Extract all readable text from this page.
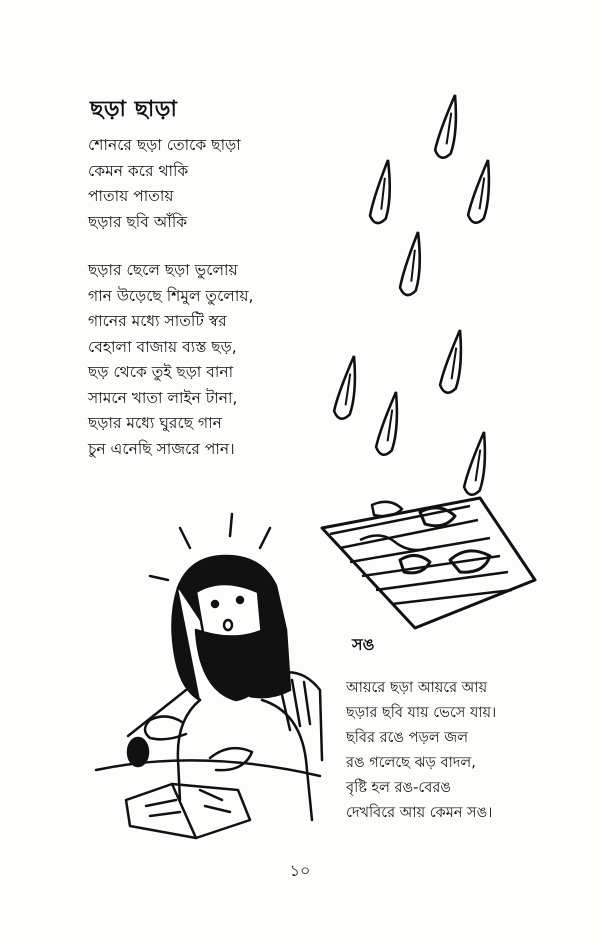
ছড়া ছাড়া
শোনরে ছড়া তোকে ছাড়া
কেমন করে থাকি
পাতায় পাতায়
ছড়ার ছবি আঁকি
ছড়ার ছেলে ছড়া ভুলোয়
গান উড়েছে শিমুল তুলোয়,
গানের মধ্যে সাতটি স্বর
বেহালা বাজায় ব্যস্ত ছড়,
ছড় থেকে তুই ছড়া বানা
সামনে খাতা লাইন টানা,
ছড়ার মধ্যে ঘুরছে গান
চুন এনেছি সাজরে পান।
সঙ
আয়রে ছড়া আয়রে আয়
ছড়ার ছবি যায় ভেসে যায়।
ছবির রঙে পড়ল জল
রঙ গলেছে ঝড় বাদল,
বৃষ্টি হল রঙ-বেরঙ
দেখবিরে আয় কেমন সঙ।
১০
